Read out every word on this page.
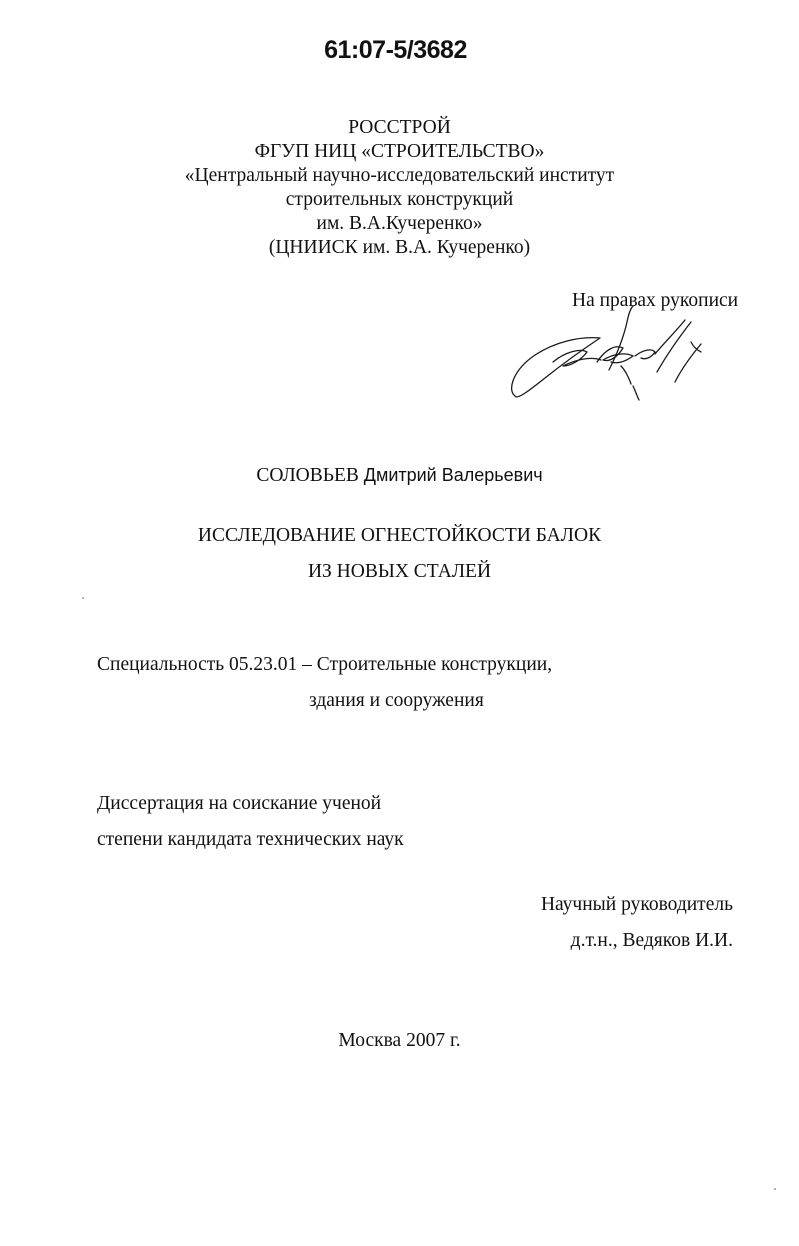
61:07-5/3682
РОССТРОЙ
ФГУП НИЦ «СТРОИТЕЛЬСТВО»
«Центральный научно-исследовательский институт
строительных конструкций
им. В.А.Кучеренко»
(ЦНИИСК им. В.А. Кучеренко)
На правах рукописи
СОЛОВЬЕВ Дмитрий Валерьевич
ИССЛЕДОВАНИЕ ОГНЕСТОЙКОСТИ БАЛОК
ИЗ НОВЫХ СТАЛЕЙ
Специальность 05.23.01 – Строительные конструкции,
здания и сооружения
Диссертация на соискание ученой
степени кандидата технических наук
Научный руководитель
д.т.н., Ведяков И.И.
Москва 2007 г.
